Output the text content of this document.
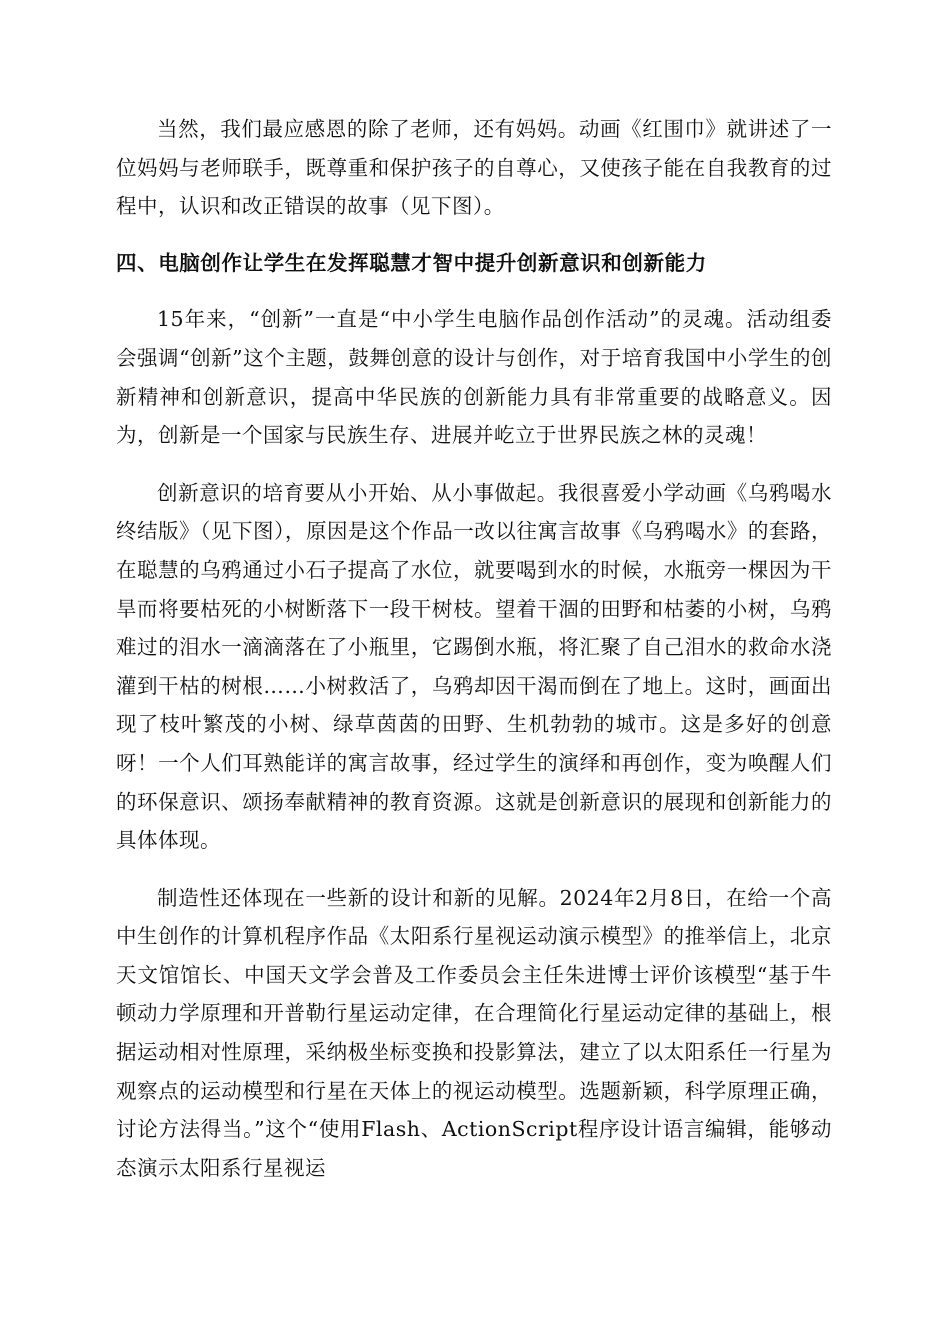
当然，我们最应感恩的除了老师，还有妈妈。动画《红围巾》就讲述了一位妈妈与老师联手，既尊重和保护孩子的自尊心，又使孩子能在自我教育的过程中，认识和改正错误的故事（见下图）。

四、电脑创作让学生在发挥聪慧才智中提升创新意识和创新能力

15年来，“创新”一直是“中小学生电脑作品创作活动”的灵魂。活动组委会强调“创新”这个主题，鼓舞创意的设计与创作，对于培育我国中小学生的创新精神和创新意识，提高中华民族的创新能力具有非常重要的战略意义。因为，创新是一个国家与民族生存、进展并屹立于世界民族之林的灵魂！

创新意识的培育要从小开始、从小事做起。我很喜爱小学动画《乌鸦喝水终结版》（见下图），原因是这个作品一改以往寓言故事《乌鸦喝水》的套路，在聪慧的乌鸦通过小石子提高了水位，就要喝到水的时候，水瓶旁一棵因为干旱而将要枯死的小树断落下一段干树枝。望着干涸的田野和枯萎的小树，乌鸦难过的泪水一滴滴落在了小瓶里，它踢倒水瓶，将汇聚了自己泪水的救命水浇灌到干枯的树根……小树救活了，乌鸦却因干渴而倒在了地上。这时，画面出现了枝叶繁茂的小树、绿草茵茵的田野、生机勃勃的城市。这是多好的创意呀！一个人们耳熟能详的寓言故事，经过学生的演绎和再创作，变为唤醒人们的环保意识、颂扬奉献精神的教育资源。这就是创新意识的展现和创新能力的具体体现。

制造性还体现在一些新的设计和新的见解。2024年2月8日，在给一个高中生创作的计算机程序作品《太阳系行星视运动演示模型》的推举信上，北京天文馆馆长、中国天文学会普及工作委员会主任朱进博士评价该模型“基于牛顿动力学原理和开普勒行星运动定律，在合理简化行星运动定律的基础上，根据运动相对性原理，采纳极坐标变换和投影算法，建立了以太阳系任一行星为观察点的运动模型和行星在天体上的视运动模型。选题新颖，科学原理正确，讨论方法得当。”这个“使用Flash、ActionScript程序设计语言编辑，能够动态演示太阳系行星视运
